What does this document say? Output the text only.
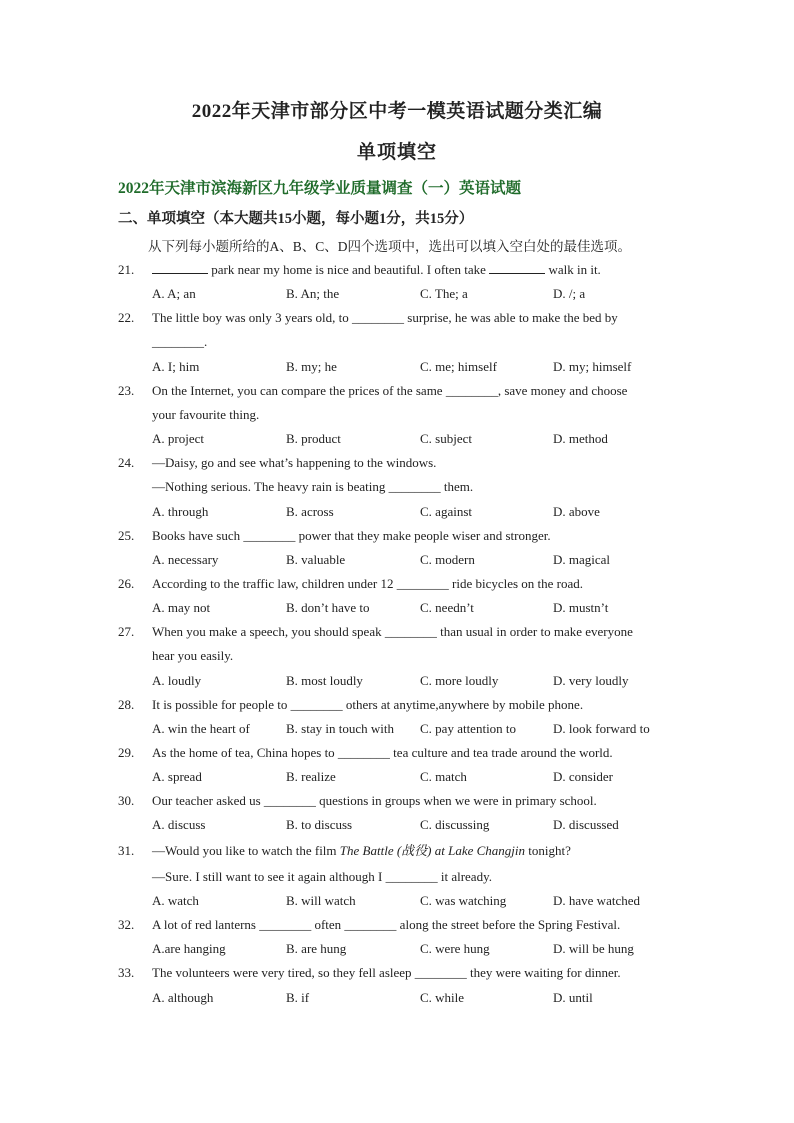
2022年天津市部分区中考一模英语试题分类汇编
单项填空
2022年天津市滨海新区九年级学业质量调查（一）英语试题
二、单项填空（本大题共15小题，每小题1分，共15分）
从下列每小题所给的A、B、C、D四个选项中，选出可以填入空白处的最佳选项。
21.	park near my home is nice and beautiful. I often take	walk in it.
A. A; an	B. An; the	C. The; a	D. /; a
22. The little boy was only 3 years old, to ________ surprise, he was able to make the bed by
________.
A. I; him	B. my; he	C. me; himself	D. my; himself
23. On the Internet, you can compare the prices of the same ________, save money and choose
your favourite thing.
A. project	B. product	C. subject	D. method
24. —Daisy, go and see what’s happening to the windows.
—Nothing serious. The heavy rain is beating ________ them.
A. through	B. across	C. against	D. above
25. Books have such ________ power that they make people wiser and stronger.
A. necessary	B. valuable	C. modern	D. magical
26. According to the traffic law, children under 12 ________ ride bicycles on the road.
A. may not	B. don’t have to	C. needn’t	D. mustn’t
27. When you make a speech, you should speak ________ than usual in order to make everyone
hear you easily.
A. loudly	B. most loudly	C. more loudly	D. very loudly
28. It is possible for people to ________ others at anytime,anywhere by mobile phone.
A. win the heart of	B. stay in touch with C. pay attention to	D. look forward to
29. As the home of tea, China hopes to ________ tea culture and tea trade around the world.
A. spread	B. realize	C. match	D. consider
30. Our teacher asked us ________ questions in groups when we were in primary school.
A. discuss	B. to discuss	C. discussing	D. discussed
31. —Would you like to watch the film The Battle (战役) at Lake Changjin tonight?
—Sure. I still want to see it again although I ________ it already.
A. watch	B. will watch	C. was watching	D. have watched
32. A lot of red lanterns ________ often ________ along the street before the Spring Festival.
A.are hanging	B. are hung	C. were hung	D. will be hung
33. The volunteers were very tired, so they fell asleep ________ they were waiting for dinner.
A. although	B. if	C. while	D. until
